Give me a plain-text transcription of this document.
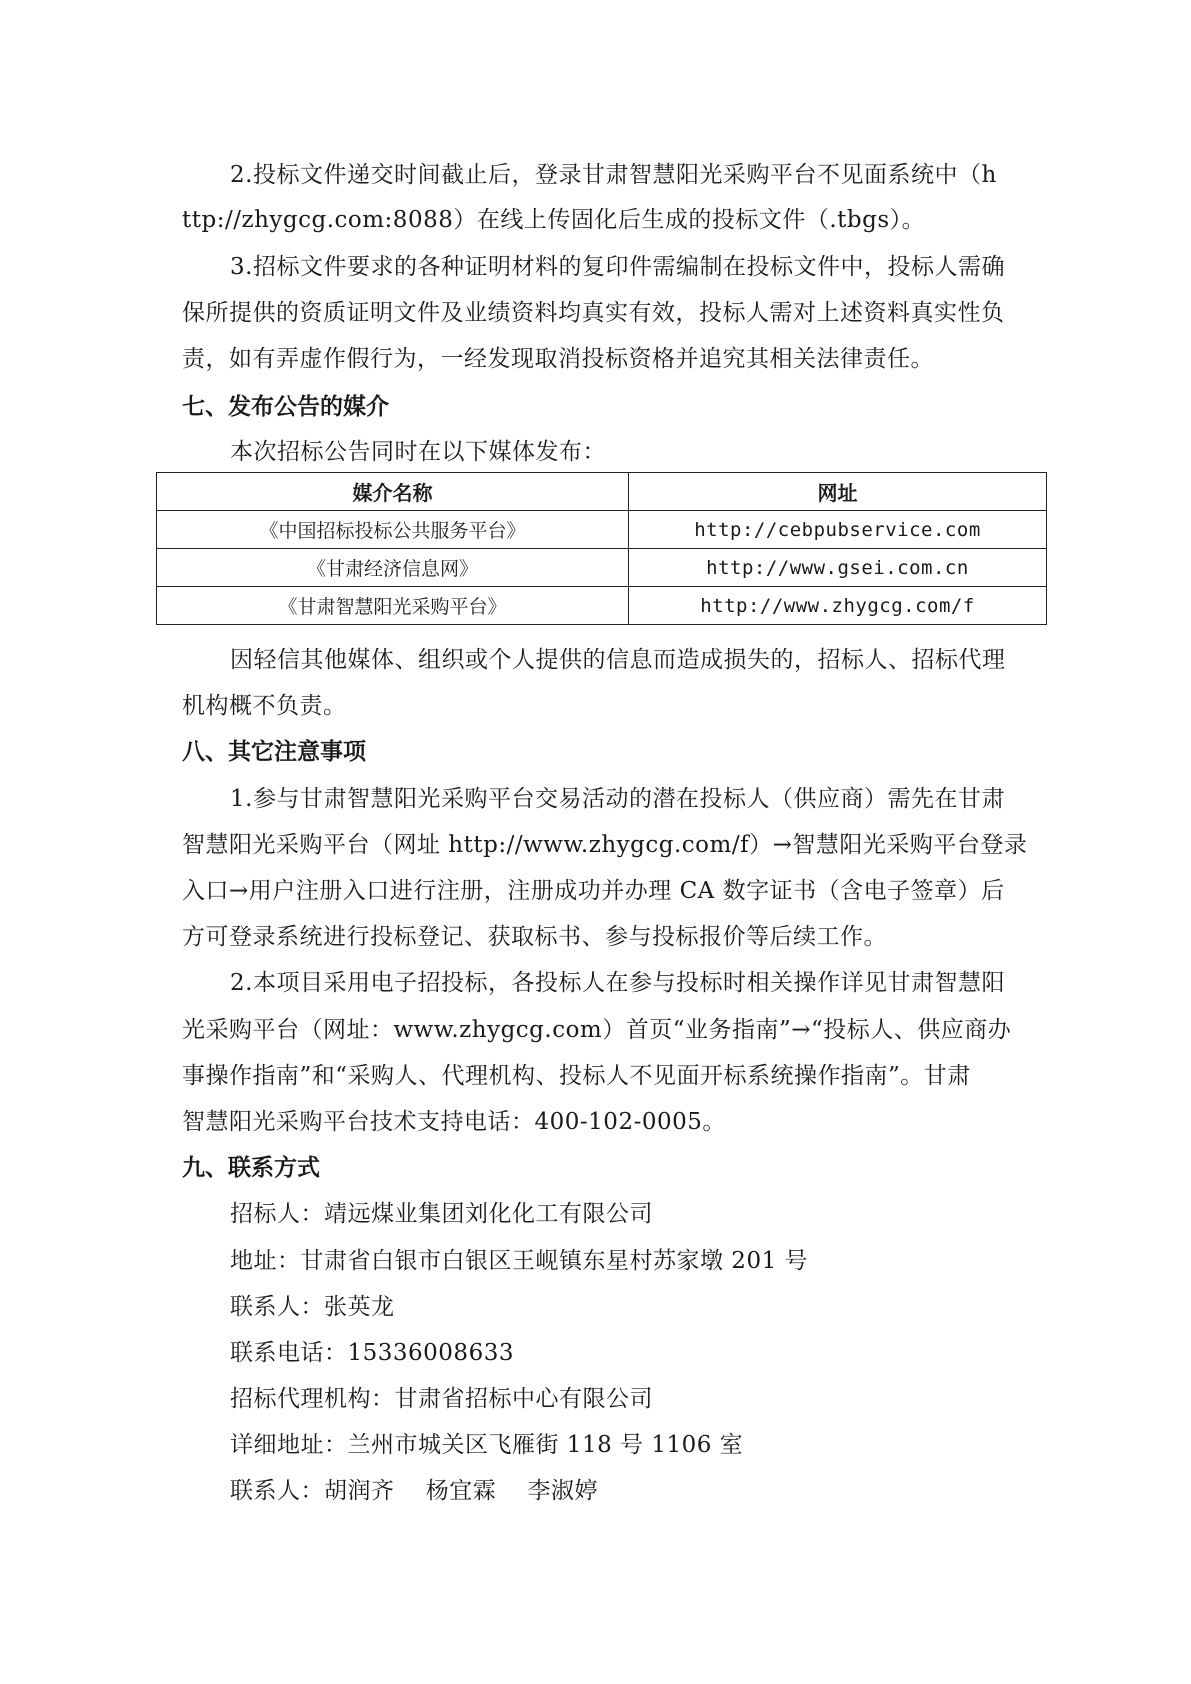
2.投标文件递交时间截止后，登录甘肃智慧阳光采购平台不见面系统中（h
ttp://zhygcg.com:8088）在线上传固化后生成的投标文件（.tbgs）。
3.招标文件要求的各种证明材料的复印件需编制在投标文件中，投标人需确
保所提供的资质证明文件及业绩资料均真实有效，投标人需对上述资料真实性负
责，如有弄虚作假行为，一经发现取消投标资格并追究其相关法律责任。
七、发布公告的媒介
本次招标公告同时在以下媒体发布：
媒介名称	网址
《中国招标投标公共服务平台》	http://cebpubservice.com
《甘肃经济信息网》	http://www.gsei.com.cn
《甘肃智慧阳光采购平台》	http://www.zhygcg.com/f
因轻信其他媒体、组织或个人提供的信息而造成损失的，招标人、招标代理
机构概不负责。
八、其它注意事项
1.参与甘肃智慧阳光采购平台交易活动的潜在投标人（供应商）需先在甘肃
智慧阳光采购平台（网址 http://www.zhygcg.com/f）→智慧阳光采购平台登录
入口→用户注册入口进行注册，注册成功并办理 CA 数字证书（含电子签章）后
方可登录系统进行投标登记、获取标书、参与投标报价等后续工作。
2.本项目采用电子招投标，各投标人在参与投标时相关操作详见甘肃智慧阳
光采购平台（网址：www.zhygcg.com）首页“业务指南”→“投标人、供应商办
事操作指南”和“采购人、代理机构、投标人不见面开标系统操作指南”。甘肃
智慧阳光采购平台技术支持电话：400-102-0005。
九、联系方式
招标人：靖远煤业集团刘化化工有限公司
地址：甘肃省白银市白银区王岘镇东星村苏家墩 201 号
联系人：张英龙
联系电话：15336008633
招标代理机构：甘肃省招标中心有限公司
详细地址：兰州市城关区飞雁街 118 号 1106 室
联系人：胡润齐    杨宜霖    李淑婷
